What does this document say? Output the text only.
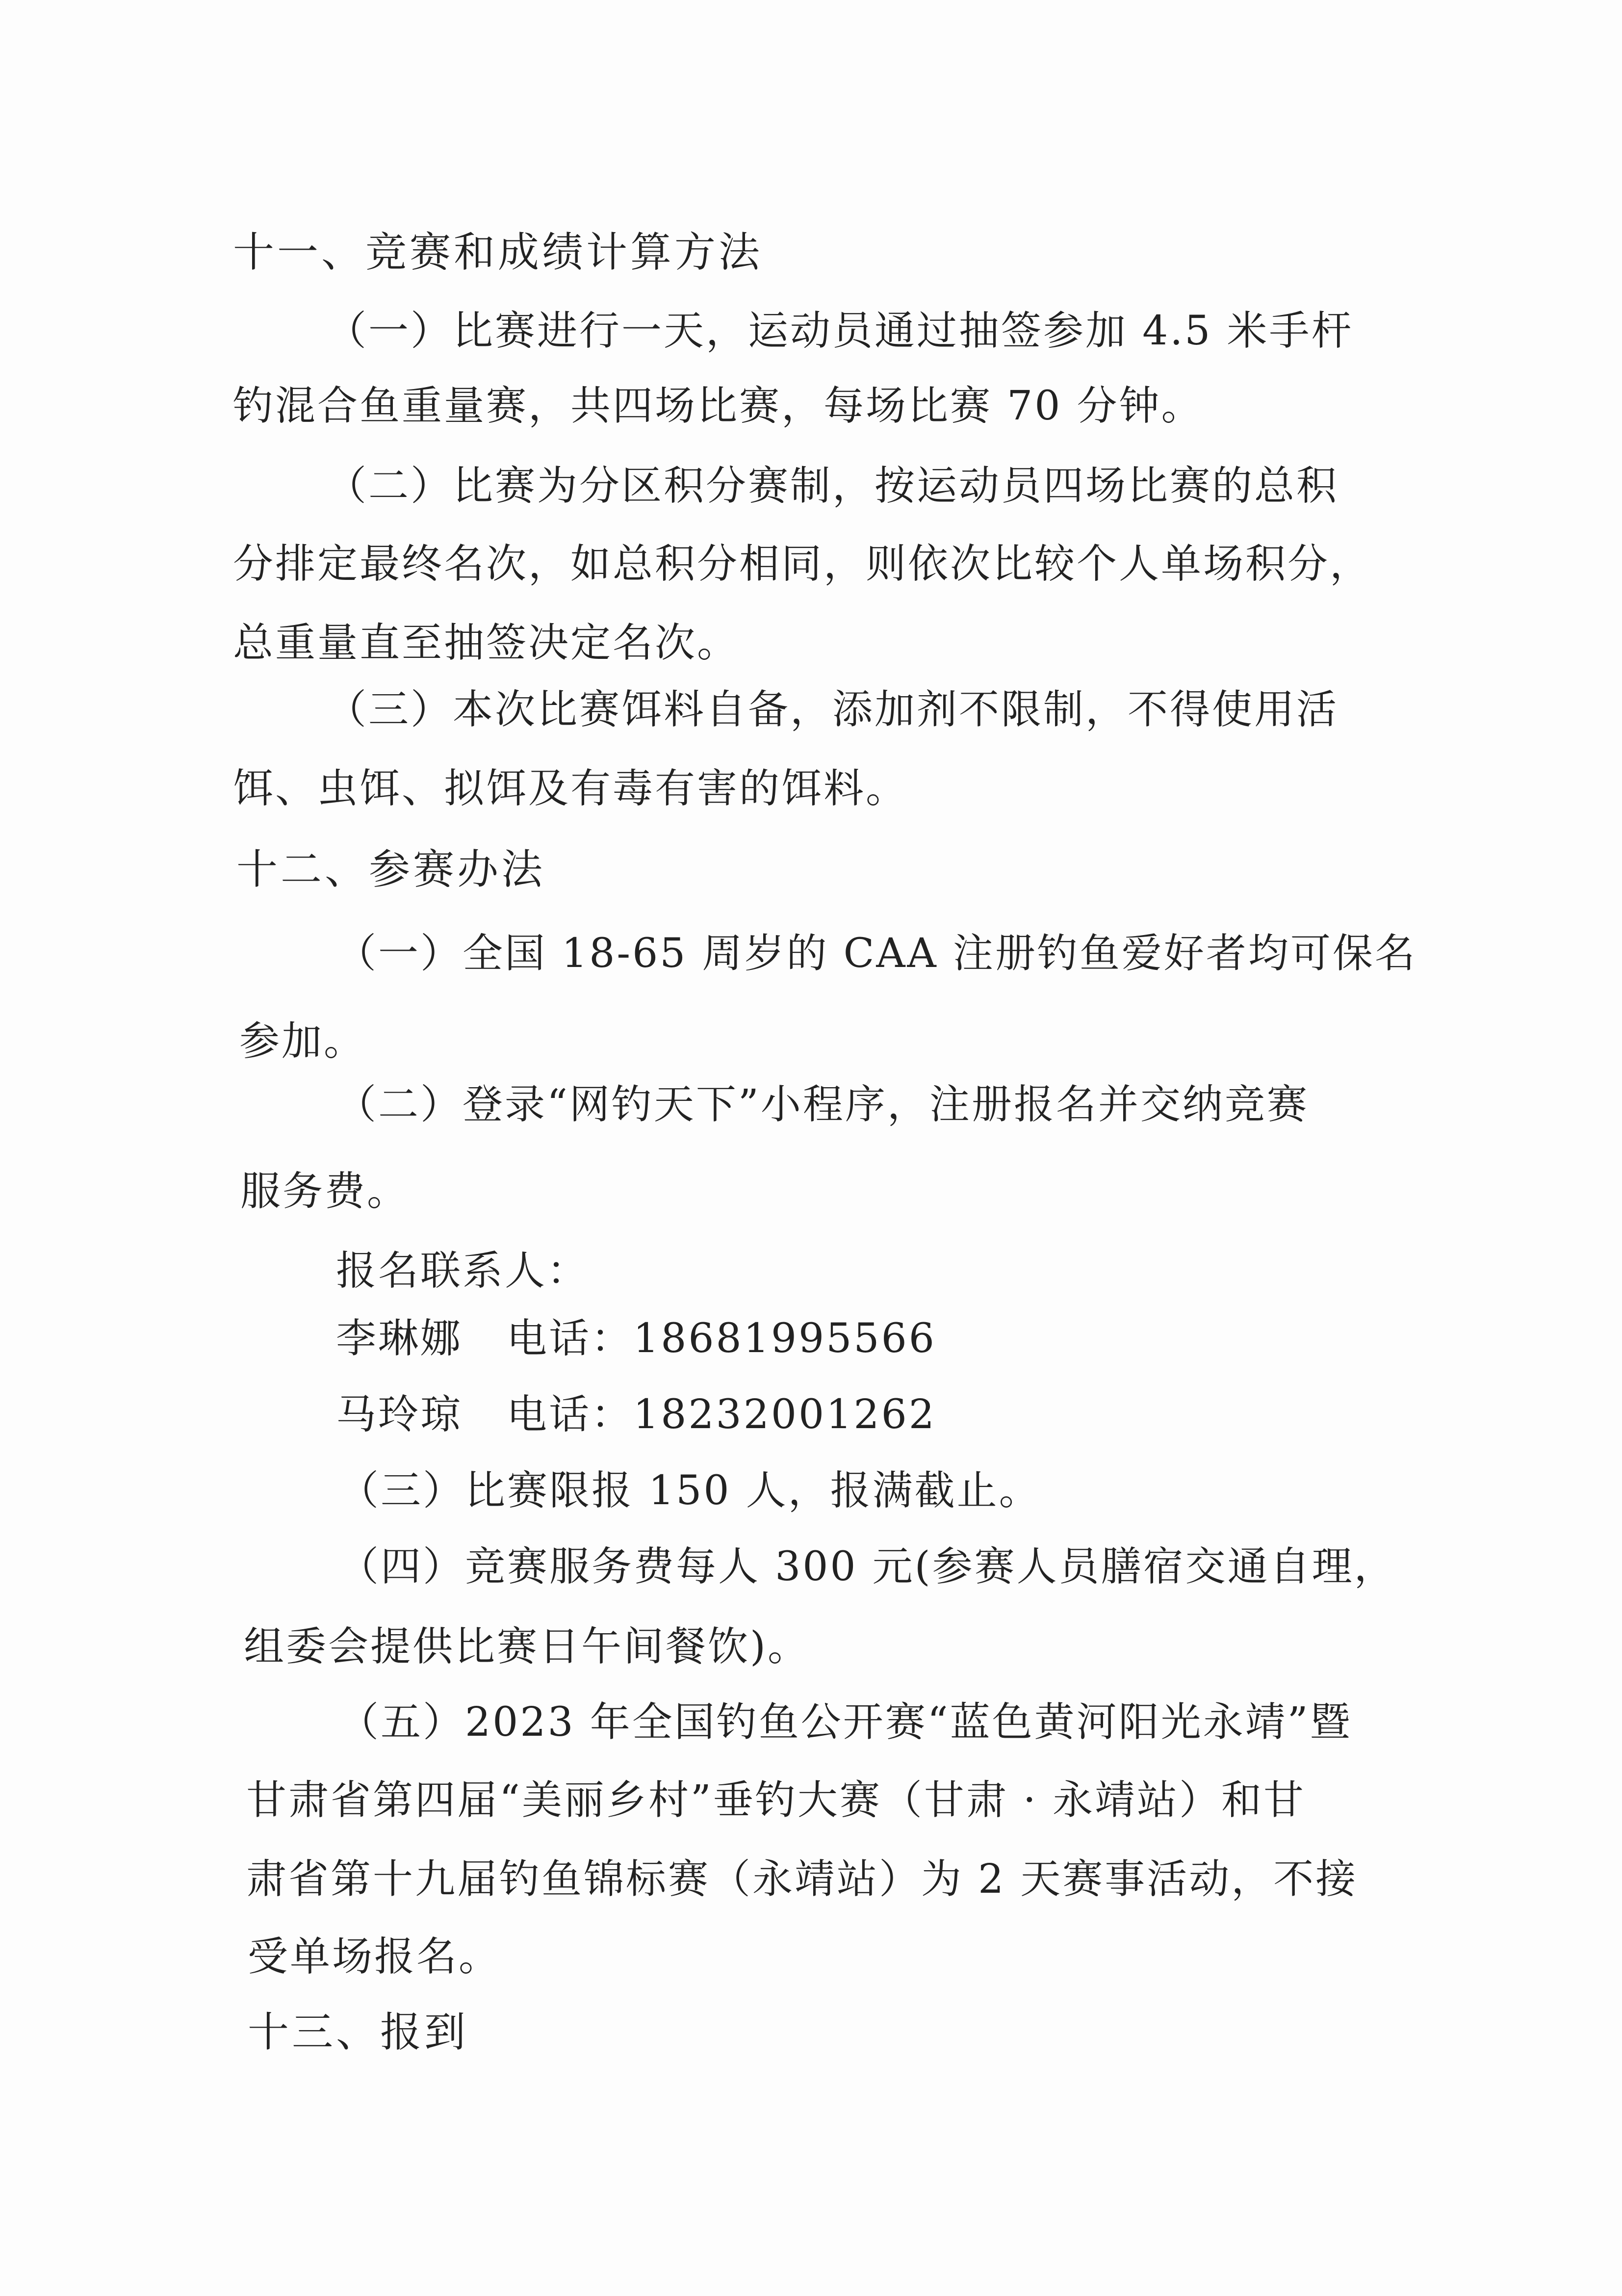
十一、竞赛和成绩计算方法
（一）比赛进行一天，运动员通过抽签参加 4.5 米手杆
钓混合鱼重量赛，共四场比赛，每场比赛 70 分钟。
（二）比赛为分区积分赛制，按运动员四场比赛的总积
分排定最终名次，如总积分相同，则依次比较个人单场积分，
总重量直至抽签决定名次。
（三）本次比赛饵料自备，添加剂不限制，不得使用活
饵、虫饵、拟饵及有毒有害的饵料。
十二、参赛办法
（一）全国 18-65 周岁的 CAA 注册钓鱼爱好者均可保名
参加。
（二）登录“网钓天下”小程序，注册报名并交纳竞赛
服务费。
报名联系人：
李琳娜 电话：18681995566
马玲琼 电话：18232001262
（三）比赛限报 150 人，报满截止。
（四）竞赛服务费每人 300 元(参赛人员膳宿交通自理，
组委会提供比赛日午间餐饮)。
（五）2023 年全国钓鱼公开赛“蓝色黄河阳光永靖”暨
甘肃省第四届“美丽乡村”垂钓大赛（甘肃 · 永靖站）和甘
肃省第十九届钓鱼锦标赛（永靖站）为 2 天赛事活动，不接
受单场报名。
十三、报到
